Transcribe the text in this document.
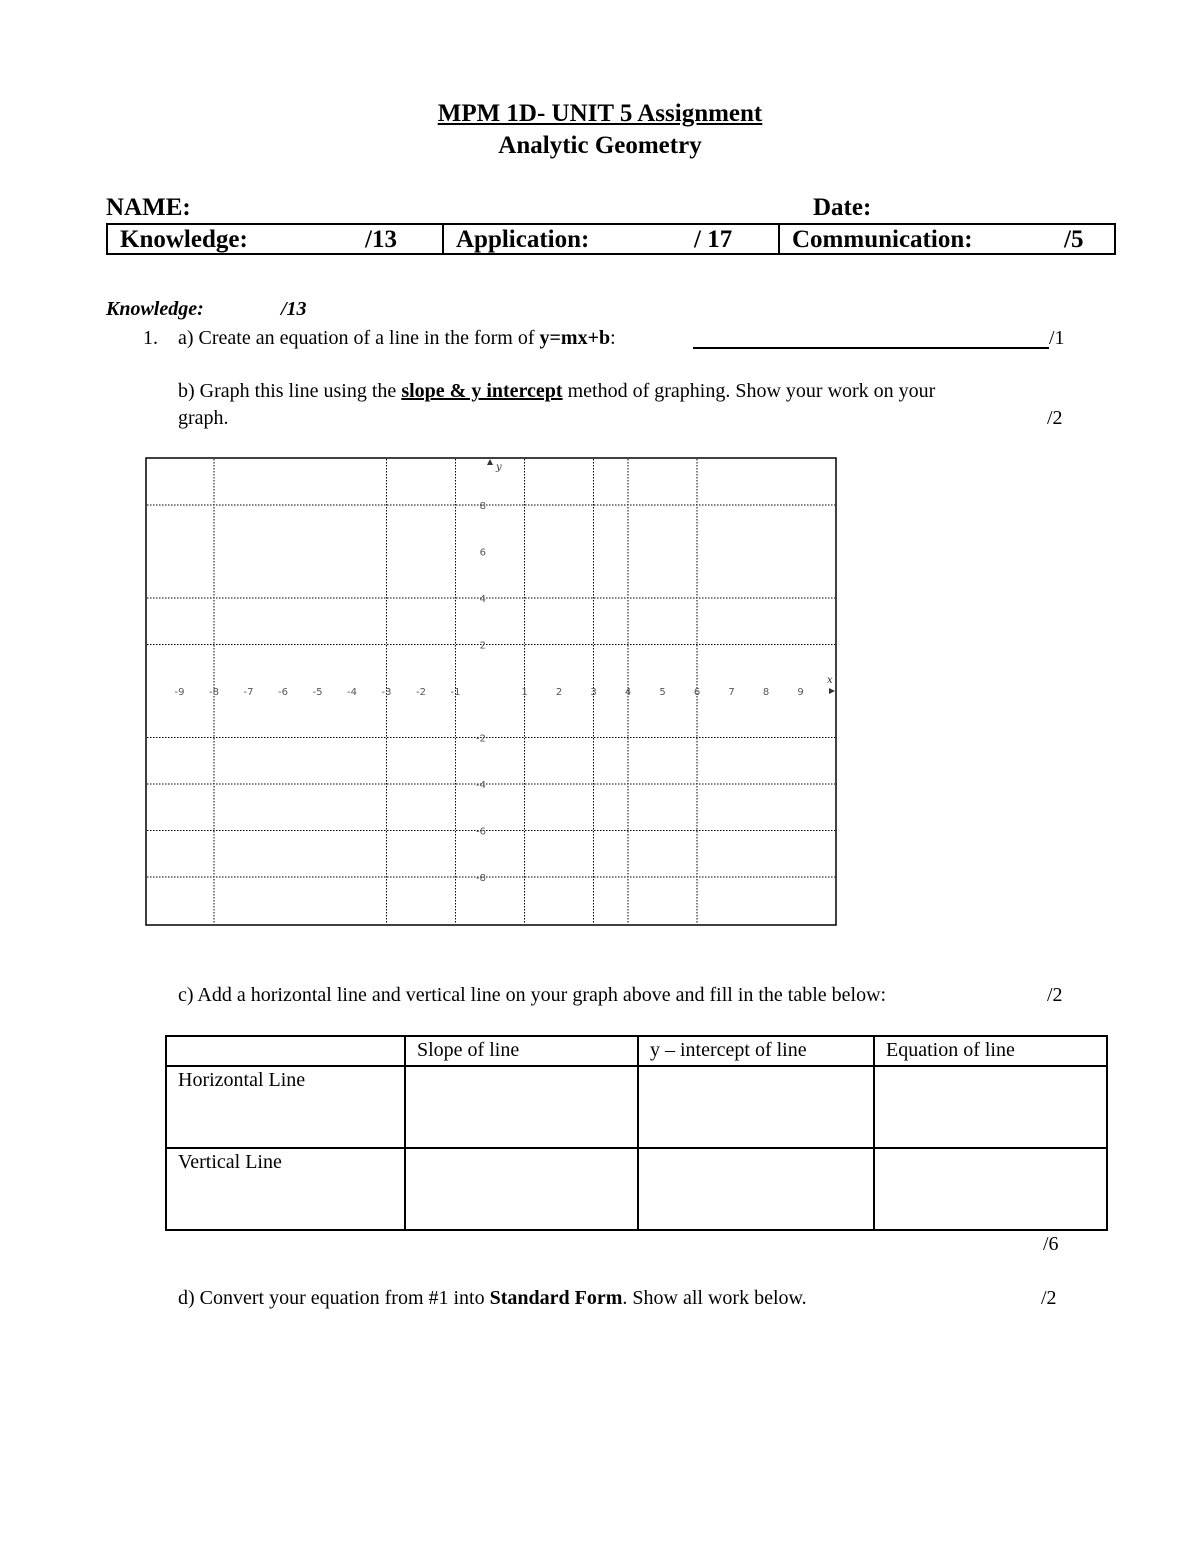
MPM 1D- UNIT 5 Assignment
Analytic Geometry
NAME:	Date:
Knowledge:	/13 Application:	/ 17 Communication:	/5
Knowledge:	/13
1. a) Create an equation of a line in the form of y=mx+b:	/1
b) Graph this line using the slope & y intercept method of graphing. Show your work on your
graph.	/2
-9 -8 -7 -6 -5 -4 -3 -2 -1	1	2	3	4	5	6	7	8	9
8
6
4
2
-2
-4
-6
-8
y
x
c) Add a horizontal line and vertical line on your graph above and fill in the table below:	/2
	Slope of line	y – intercept of line	Equation of line
Horizontal Line			
Vertical Line			
/6
d) Convert your equation from #1 into Standard Form. Show all work below.	/2
